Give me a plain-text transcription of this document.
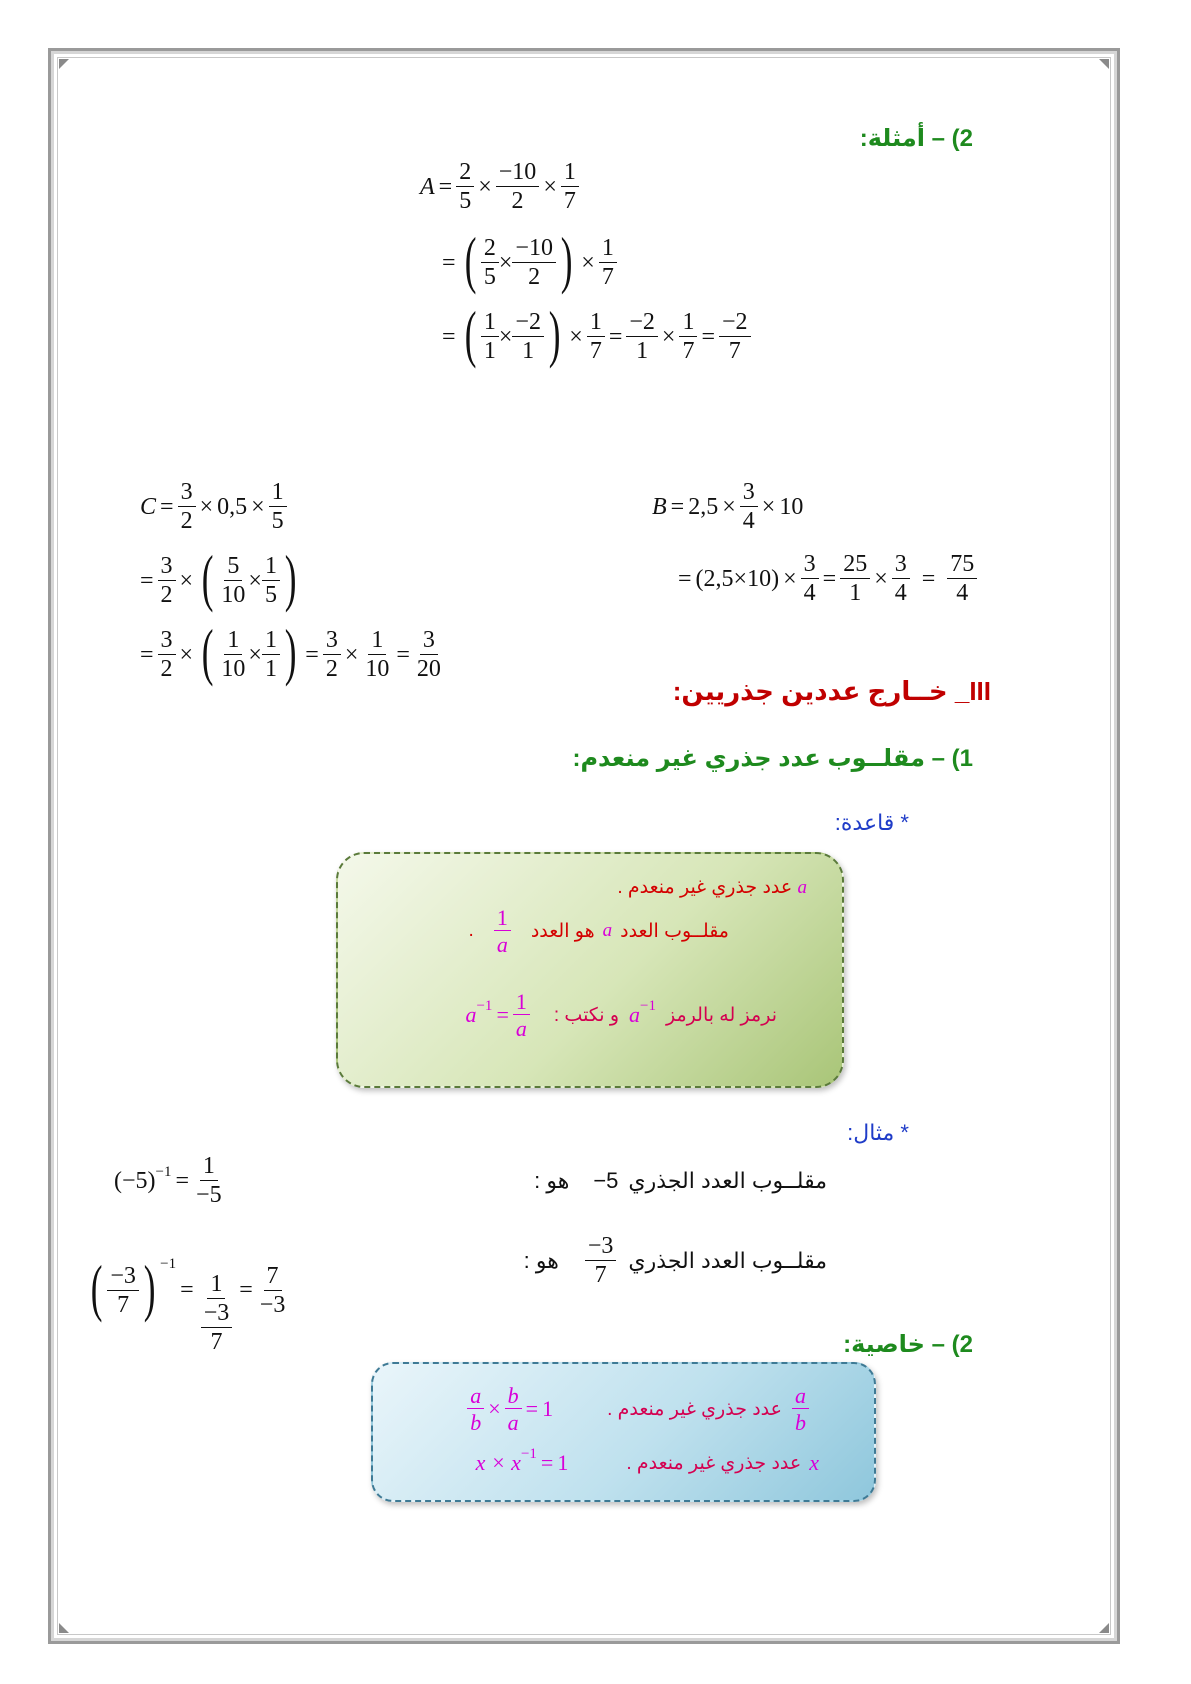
2) – أمثلة:
$A = \frac{2}{5} \times \frac{-10}{2} \times \frac{1}{7}$
= ( $\frac{2}{5} \times \frac{-10}{2}$ ) × $\frac{1}{7}$
= ( $\frac{1}{1} \times \frac{-2}{1}$ ) × $\frac{1}{7} = \frac{-2}{1} \times \frac{1}{7} = \frac{-2}{7}$
$C = \frac{3}{2} \times 0,5 \times \frac{1}{5}$
= $\frac{3}{2}$ × ( $\frac{5}{10} \times \frac{1}{5}$ )
= $\frac{3}{2}$ × ( $\frac{1}{10} \times \frac{1}{1}$ ) = $\frac{3}{2} \times \frac{1}{10} = \frac{3}{20}$
$B = 2,5 \times \frac{3}{4} \times 10$
= $(2,5\times 10) \times \frac{3}{4} = \frac{25}{1} \times \frac{3}{4} = \frac{75}{4}$
III_ خــارج عددين جذريين:
1) – مقلــوب عدد جذري غير منعدم:
* قاعدة:
a عدد جذري غير منعدم .
مقلــوب العدد
a
هو العدد
$\frac{1}{a}$
.
نرمز له بالرمز
$a^{-1}$
و نكتب :
$a^{-1} = \frac{1}{a}$
* مثال:
مقلــوب العدد الجذري
5−
هو :
$(-5)^{-1} = \frac{1}{-5}$
مقلــوب العدد الجذري
$\frac{-3}{7}$
هو :
( $\frac{-3}{7}$ ) −1
= $\frac{1}{\frac{-3}{7}} = \frac{7}{-3}$
2) – خاصية:
$\frac{a}{b}$
عدد جذري غير منعدم .
$\frac{a}{b} \times \frac{b}{a} = 1$
x
عدد جذري غير منعدم .
$x \times x^{-1} = 1$
